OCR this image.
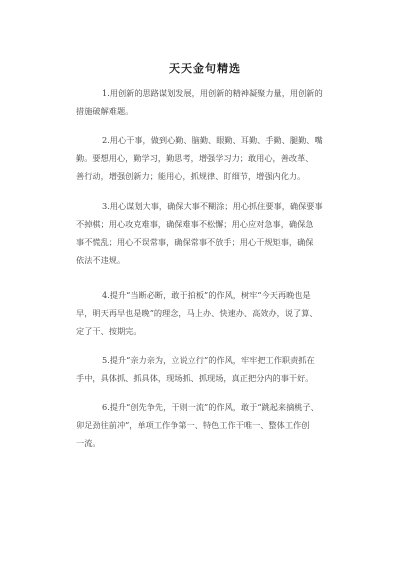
天天金句精选
1.用创新的思路谋划发展，用创新的精神凝聚力量，用创新的
措施破解难题。
2.用心干事，做到心勤、脑勤、眼勤、耳勤、手勤、腿勤、嘴
勤。要想用心，勤学习，勤思考，增强学习力；敢用心，善改革、
善行动，增强创新力；能用心，抓规律、盯细节，增强内化力。
3.用心谋划大事，确保大事不糊涂；用心抓住要事，确保要事
不掉棋；用心攻克难事，确保难事不松懈；用心应对急事，确保急
事不慌乱；用心不误常事，确保常事不放手；用心干规矩事，确保
依法不违规。
4.提升“当断必断，敢于拍板”的作风，树牢“今天再晚也是
早，明天再早也是晚”的理念，马上办、快速办、高效办，说了算、
定了干、按期完。
5.提升“亲力亲为，立说立行”的作风，牢牢把工作职责抓在
手中，具体抓、抓具体，现场抓、抓现场，真正把分内的事干好。
6.提升“创先争先，干则一流”的作风，敢于“跳起来摘桃子、
卯足劲往前冲”，单项工作争第一、特色工作干唯一、整体工作创
一流。
